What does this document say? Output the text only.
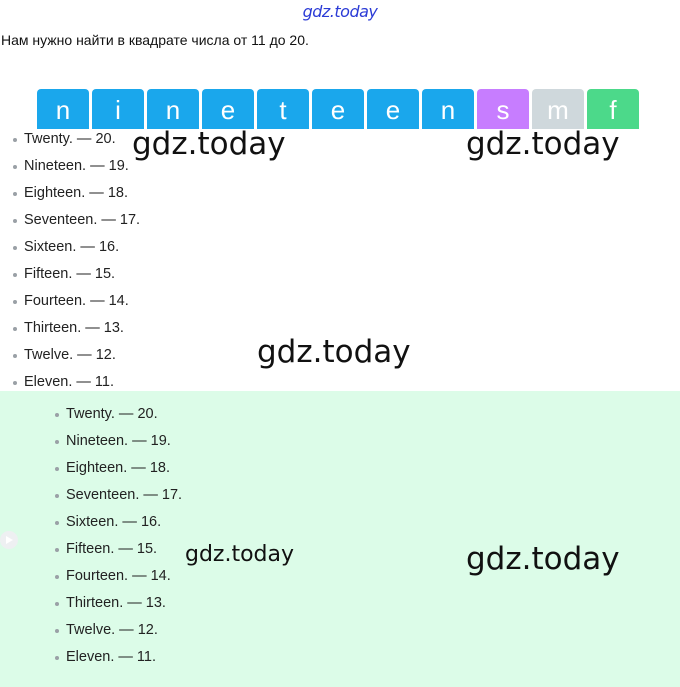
gdz.today
Нам нужно найти в квадрате числа от 11 до 20.
n	i	n	e	t	e	e	n	s	m	f
Twenty. — 20.
Nineteen. — 19.
Eighteen. — 18.
Seventeen. — 17.
Sixteen. — 16.
Fifteen. — 15.
Fourteen. — 14.
Thirteen. — 13.
Twelve. — 12.
Eleven. — 11.
Twenty. — 20.
Nineteen. — 19.
Eighteen. — 18.
Seventeen. — 17.
Sixteen. — 16.
Fifteen. — 15.
Fourteen. — 14.
Thirteen. — 13.
Twelve. — 12.
Eleven. — 11.
gdz.today	gdz.today
gdz.today
gdz.today	gdz.today
